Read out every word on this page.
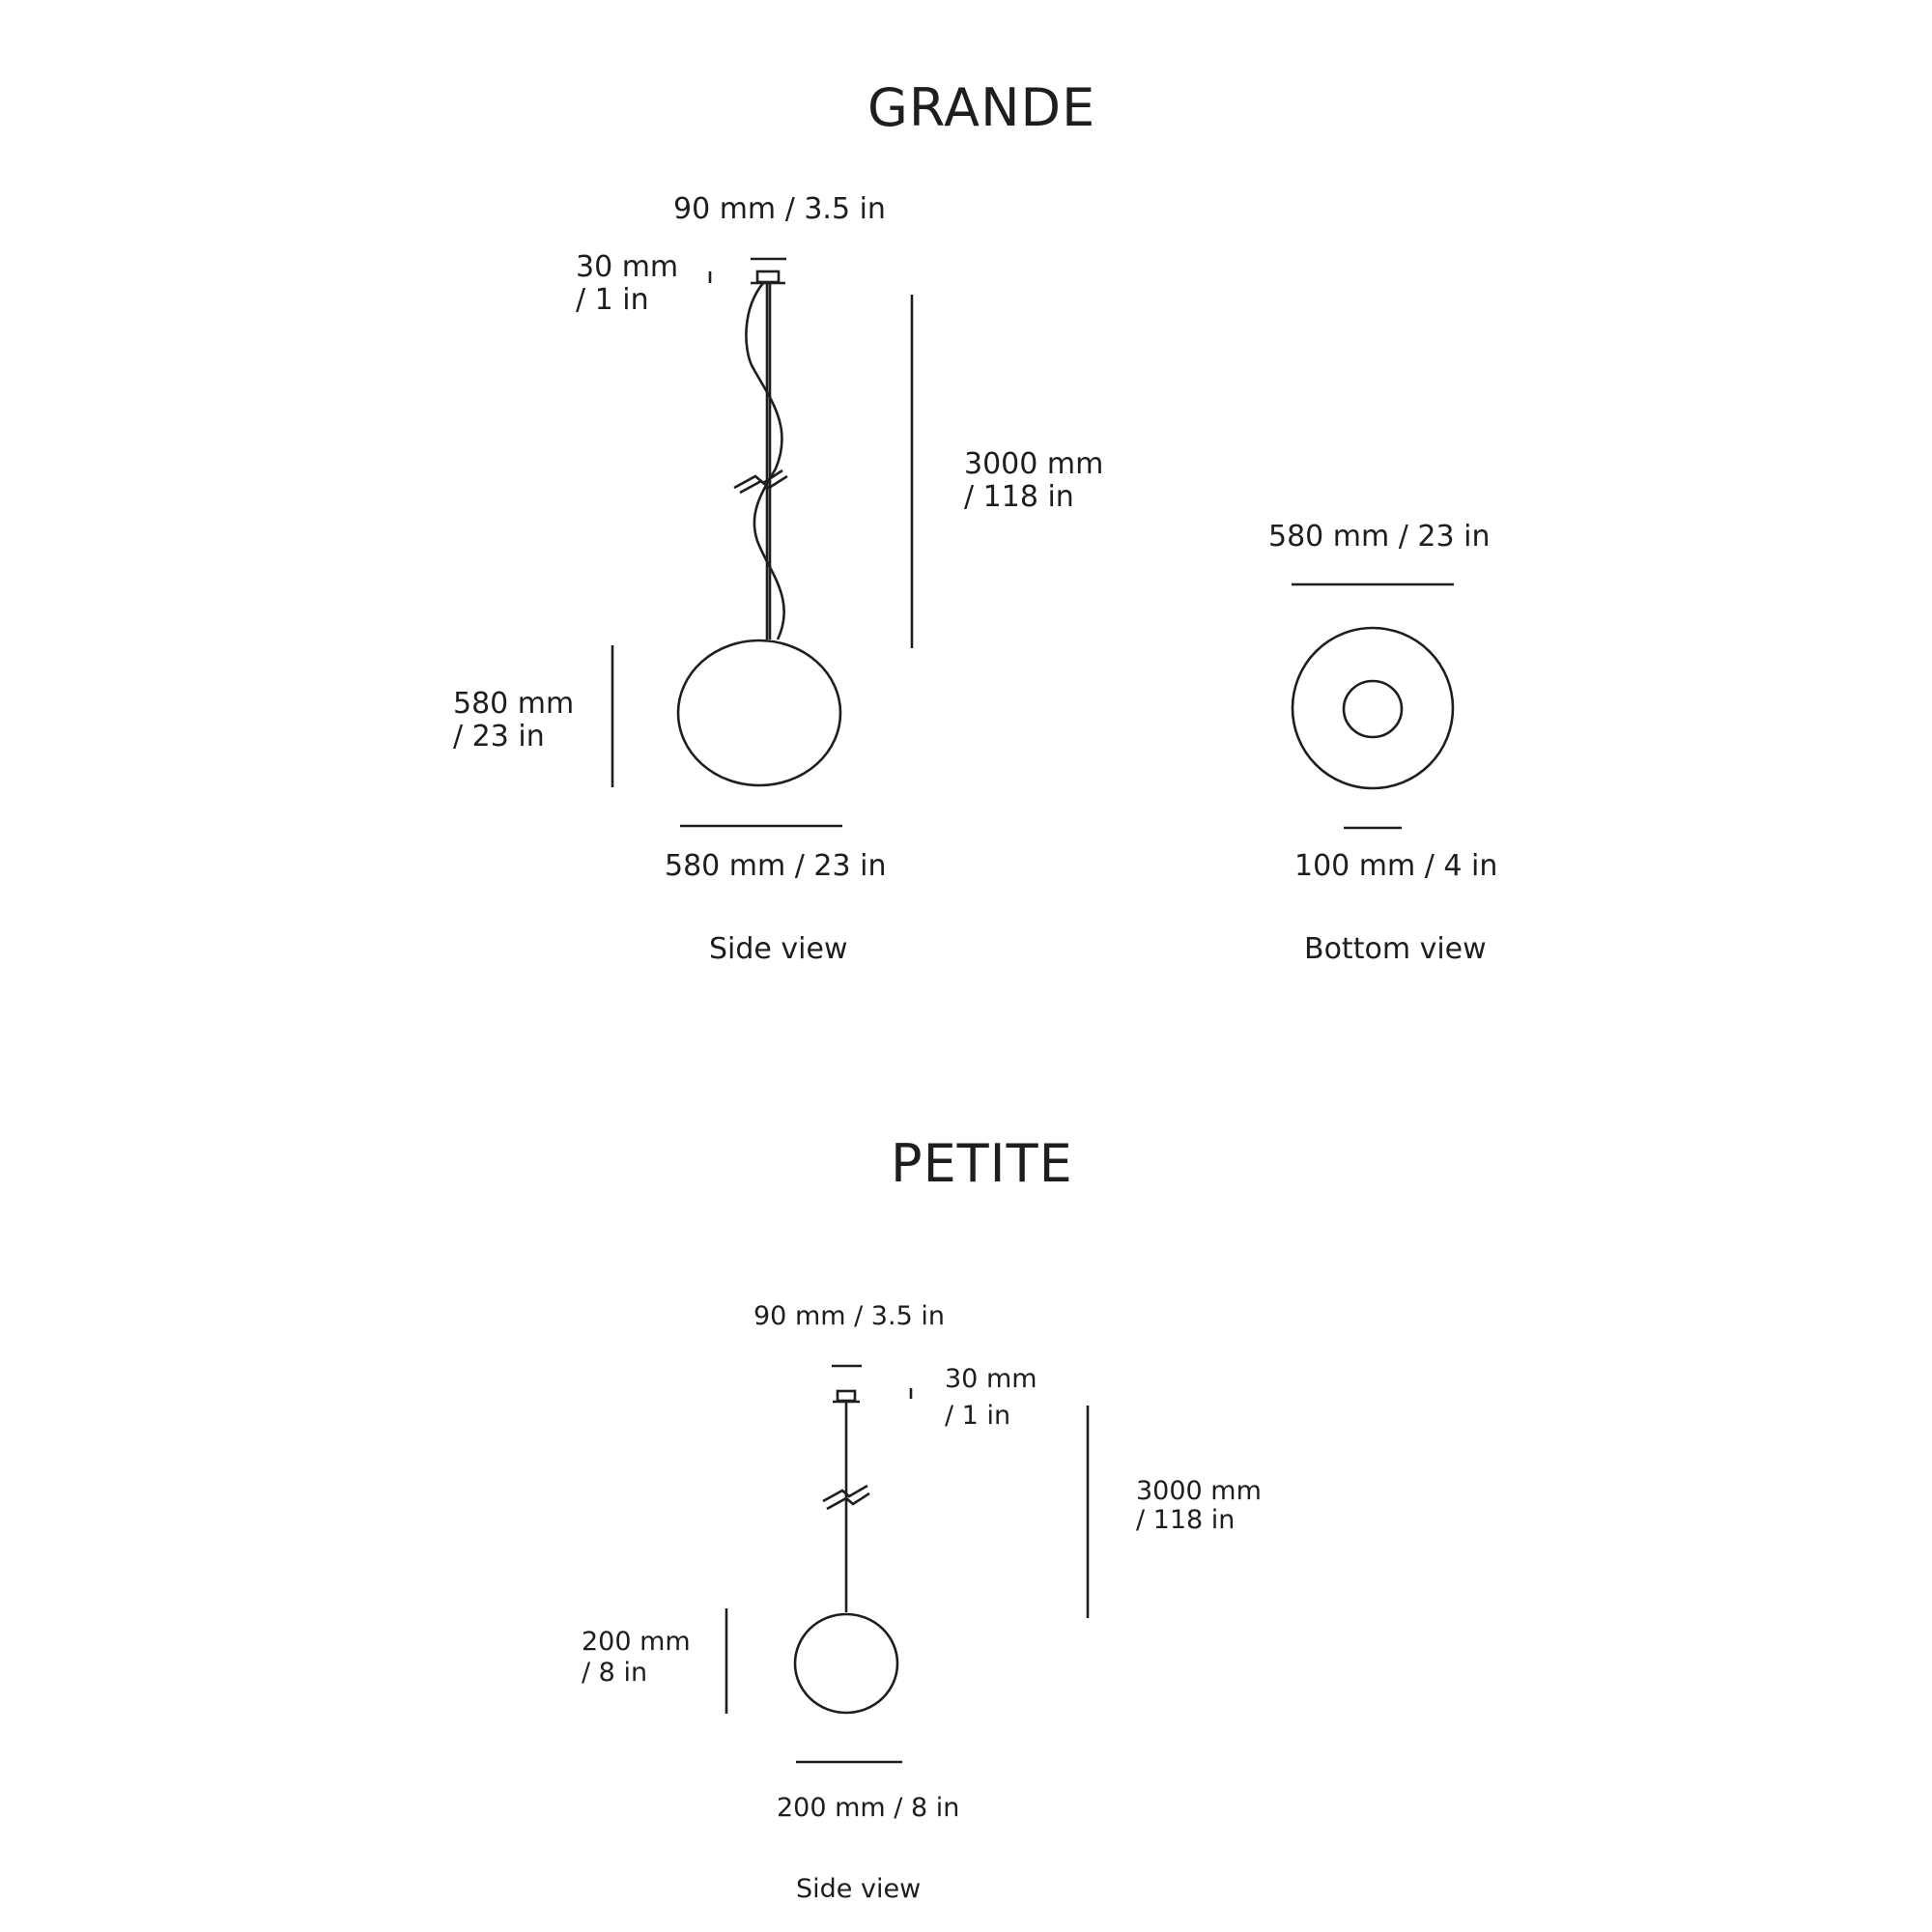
GRANDE
90 mm / 3.5 in
30 mm
/ 1 in
3000 mm
/ 118 in
580 mm
/ 23 in
580 mm / 23 in
Side view
580 mm / 23 in
100 mm / 4 in
Bottom view
PETITE
90 mm / 3.5 in
30 mm
/ 1 in
3000 mm
/ 118 in
200 mm
/ 8 in
200 mm / 8 in
Side view
